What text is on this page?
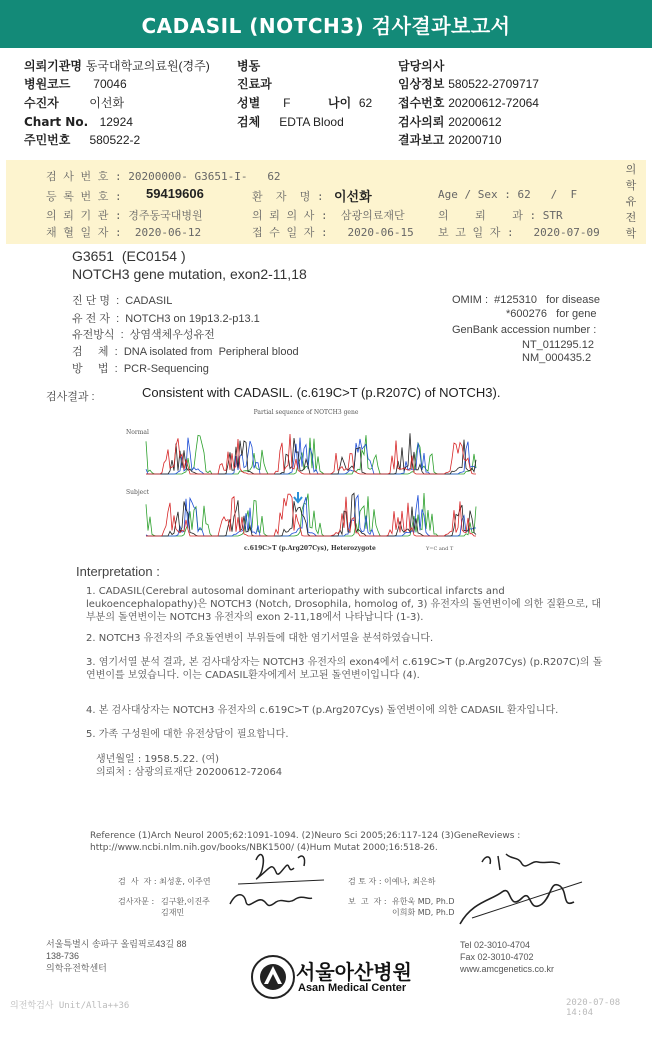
CADASIL (NOTCH3) 검사결과보고서
의뢰기관명 동국대학교의료원(경주) 병동	담당의사
병원코드 70046	진료과	임상정보 580522-2709717
수진자	이선화	성별 F	나이 62 접수번호 20200612-72064
Chart No. 12924	검체 EDTA Blood	검사의뢰 20200612
주민번호 580522-2	결과보고 20200710
검 사 번 호 : 20200000- G3651-I-   62
등 록 번 호 : 59419606	환  자  명 : 이선화	Age / Sex : 62   /  F
의 뢰 기 관 : 경주동국대병원	의 뢰 의 사 :  삼광의료재단	의    뢰    과 : STR
채 혈 일 자 :  2020-06-12	접 수 일 자 :   2020-06-15 보 고 일 자 :   2020-07-09
의
학
유
전
학
G3651  (EC0154 )
NOTCH3 gene mutation, exon2-11,18
진 단 명  :  CADASIL
유 전 자  :  NOTCH3 on 19p13.2-p13.1
유전방식  :  상염색체우성유전
검     체  :  DNA isolated from  Peripheral blood
방     법  :  PCR-Sequencing
OMIM :  #125310   for disease
*600276   for gene
GenBank accession number :
NT_011295.12
NM_000435.2
검사결과 :	Consistent with CADASIL. (c.619C>T (p.R207C) of NOTCH3).
Partial sequence of NOTCH3 gene
Normal
Subject
c.619C>T (p.Arg207Cys), Heterozygote	Y=C and T
Interpretation :
1. CADASIL(Cerebral autosomal dominant arteriopathy with subcortical infarcts and leukoencephalopathy)은 NOTCH3 (Notch, Drosophila, homolog of, 3) 유전자의 돌연변이에 의한 질환으로, 대부분의 돌연변이는 NOTCH3 유전자의 exon 2-11,18에서 나타납니다 (1-3).
2. NOTCH3 유전자의 주요돌연변이 부위들에 대한 염기서열을 분석하였습니다.
3. 염기서열 분석 결과, 본 검사대상자는 NOTCH3 유전자의 exon4에서 c.619C>T (p.Arg207Cys) (p.R207C)의 돌연변이를 보였습니다. 이는 CADASIL환자에게서 보고된 돌연변이입니다 (4).
4. 본 검사대상자는 NOTCH3 유전자의 c.619C>T (p.Arg207Cys) 돌연변이에 의한 CADASIL 환자입니다.
5. 가족 구성원에 대한 유전상담이 필요합니다.
생년월일 : 1958.5.22. (여)
의뢰처 : 삼광의료재단 20200612-72064
Reference (1)Arch Neurol 2005;62:1091-1094. (2)Neuro Sci 2005;26:117-124 (3)GeneReviews : http://www.ncbi.nlm.nih.gov/books/NBK1500/ (4)Hum Mutat 2000;16:518-26.
검  사  자 : 최성훈, 이주연
검사자문 : 김구환,이진주
김재민
검 토 자 : 이예나, 최은하
보  고  자 : 유한욱 MD, Ph.D
이희화 MD, Ph.D
서울특별시 송파구 올림픽로43길 88
138-736
의학유전학센터
Tel 02-3010-4704
Fax 02-3010-4702
www.amcgenetics.co.kr
서울아산병원
Asan Medical Center
의전학검사 Unit/Alla++36	2020-07-08 14:04
